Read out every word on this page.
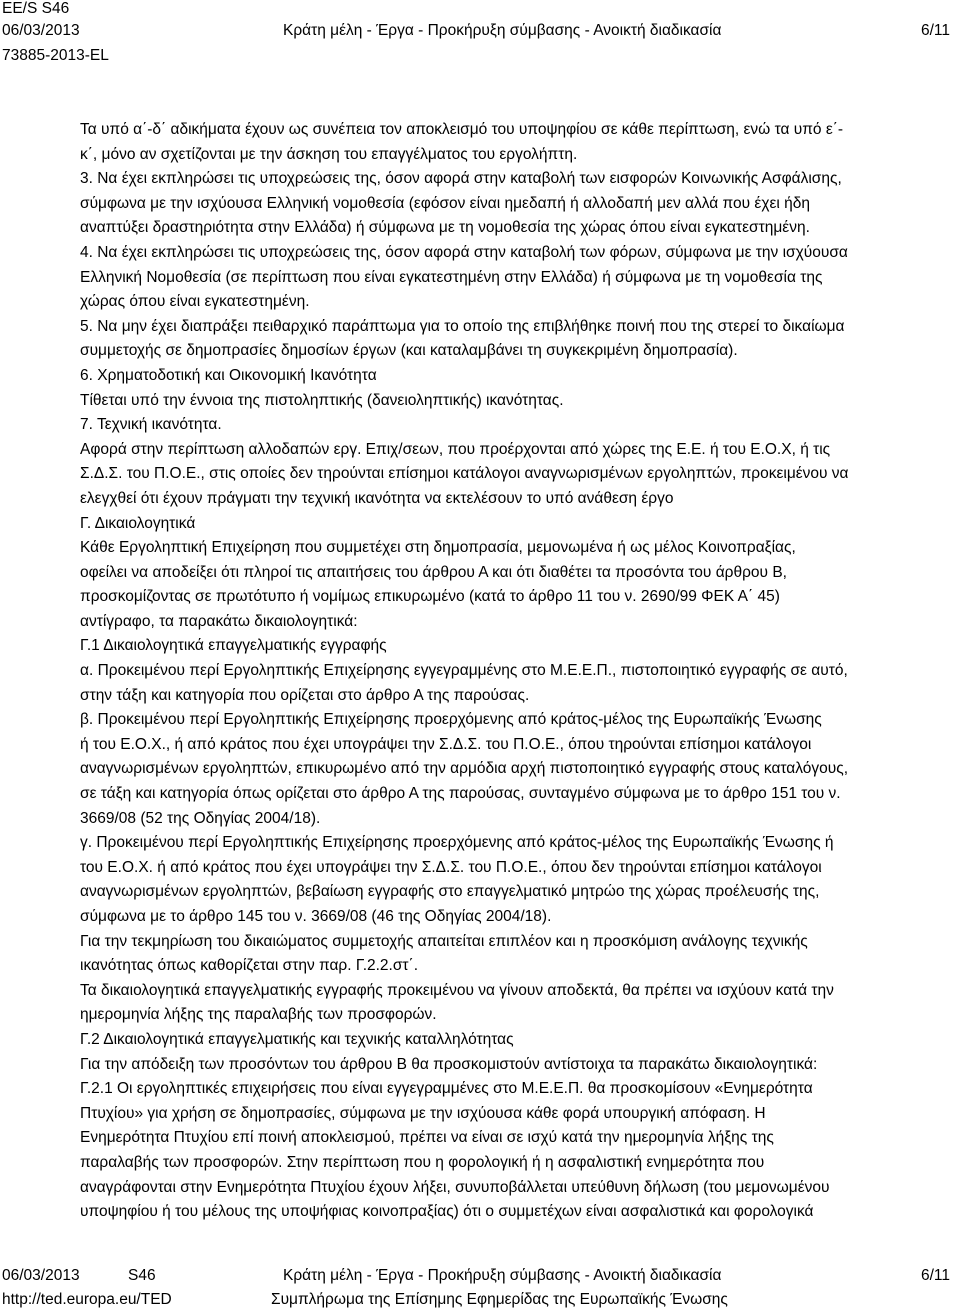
EE/S S46
06/03/2013
73885-2013-EL
Κράτη μέλη - Έργα - Προκήρυξη σύμβασης - Ανοικτή διαδικασία	6/11

Τα υπό α΄-δ΄ αδικήματα έχουν ως συνέπεια τον αποκλεισμό του υποψηφίου σε κάθε περίπτωση, ενώ τα υπό ε΄-

κ΄, μόνο αν σχετίζονται με την άσκηση του επαγγέλματος του εργολήπτη.

3. Να έχει εκπληρώσει τις υποχρεώσεις της, όσον αφορά στην καταβολή των εισφορών Κοινωνικής Ασφάλισης,

σύμφωνα με την ισχύουσα Ελληνική νομοθεσία (εφόσον είναι ημεδαπή ή αλλοδαπή μεν αλλά που έχει ήδη

αναπτύξει δραστηριότητα στην Ελλάδα) ή σύμφωνα με τη νομοθεσία της χώρας όπου είναι εγκατεστημένη.

4. Να έχει εκπληρώσει τις υποχρεώσεις της, όσον αφορά στην καταβολή των φόρων, σύμφωνα με την ισχύουσα

Ελληνική Νομοθεσία (σε περίπτωση που είναι εγκατεστημένη στην Ελλάδα) ή σύμφωνα με τη νομοθεσία της

χώρας όπου είναι εγκατεστημένη.

5. Να μην έχει διαπράξει πειθαρχικό παράπτωμα για το οποίο της επιβλήθηκε ποινή που της στερεί το δικαίωμα

συμμετοχής σε δημοπρασίες δημοσίων έργων (και καταλαμβάνει τη συγκεκριμένη δημοπρασία).

6. Χρηματοδοτική και Οικονομική Ικανότητα

Τίθεται υπό την έννοια της πιστοληπτικής (δανειοληπτικής) ικανότητας.

7. Τεχνική ικανότητα.

Αφορά στην περίπτωση αλλοδαπών εργ. Επιχ/σεων, που προέρχονται από χώρες της Ε.Ε. ή του Ε.Ο.Χ, ή τις

Σ.Δ.Σ. του Π.Ο.Ε., στις οποίες δεν τηρούνται επίσημοι κατάλογοι αναγνωρισμένων εργοληπτών, προκειμένου να

ελεγχθεί ότι έχουν πράγματι την τεχνική ικανότητα να εκτελέσουν το υπό ανάθεση έργο

Γ. Δικαιολογητικά

Κάθε Εργοληπτική Επιχείρηση που συμμετέχει στη δημοπρασία, μεμονωμένα ή ως μέλος Κοινοπραξίας,

οφείλει να αποδείξει ότι πληροί τις απαιτήσεις του άρθρου Α και ότι διαθέτει τα προσόντα του άρθρου Β,

προσκομίζοντας σε πρωτότυπο ή νομίμως επικυρωμένο (κατά το άρθρο 11 του ν. 2690/99 ΦΕΚ Α΄ 45)

αντίγραφο, τα παρακάτω δικαιολογητικά:

Γ.1 Δικαιολογητικά επαγγελματικής εγγραφής

α. Προκειμένου περί Εργοληπτικής Επιχείρησης εγγεγραμμένης στο Μ.Ε.Ε.Π., πιστοποιητικό εγγραφής σε αυτό,

στην τάξη και κατηγορία που ορίζεται στο άρθρο Α της παρούσας.

β. Προκειμένου περί Εργοληπτικής Επιχείρησης προερχόμενης από κράτος-μέλος της Ευρωπαϊκής Ένωσης

ή του Ε.Ο.Χ., ή από κράτος που έχει υπογράψει την Σ.Δ.Σ. του Π.Ο.Ε., όπου τηρούνται επίσημοι κατάλογοι

αναγνωρισμένων εργοληπτών, επικυρωμένο από την αρμόδια αρχή πιστοποιητικό εγγραφής στους καταλόγους,

σε τάξη και κατηγορία όπως ορίζεται στο άρθρο Α της παρούσας, συνταγμένο σύμφωνα με το άρθρο 151 του ν.

3669/08 (52 της Οδηγίας 2004/18).

γ. Προκειμένου περί Εργοληπτικής Επιχείρησης προερχόμενης από κράτος-μέλος της Ευρωπαϊκής Ένωσης ή

του Ε.Ο.Χ. ή από κράτος που έχει υπογράψει την Σ.Δ.Σ. του Π.Ο.Ε., όπου δεν τηρούνται επίσημοι κατάλογοι

αναγνωρισμένων εργοληπτών, βεβαίωση εγγραφής στο επαγγελματικό μητρώο της χώρας προέλευσής της,

σύμφωνα με το άρθρο 145 του ν. 3669/08 (46 της Οδηγίας 2004/18).

Για την τεκμηρίωση του δικαιώματος συμμετοχής απαιτείται επιπλέον και η προσκόμιση ανάλογης τεχνικής

ικανότητας όπως καθορίζεται στην παρ. Γ.2.2.στ΄.

Τα δικαιολογητικά επαγγελματικής εγγραφής προκειμένου να γίνουν αποδεκτά, θα πρέπει να ισχύουν κατά την

ημερομηνία λήξης της παραλαβής των προσφορών.

Γ.2 Δικαιολογητικά επαγγελματικής και τεχνικής καταλληλότητας

Για την απόδειξη των προσόντων του άρθρου Β θα προσκομιστούν αντίστοιχα τα παρακάτω δικαιολογητικά:

Γ.2.1 Οι εργοληπτικές επιχειρήσεις που είναι εγγεγραμμένες στο Μ.Ε.Ε.Π. θα προσκομίσουν «Ενημερότητα

Πτυχίου» για χρήση σε δημοπρασίες, σύμφωνα με την ισχύουσα κάθε φορά υπουργική απόφαση. Η

Ενημερότητα Πτυχίου επί ποινή αποκλεισμού, πρέπει να είναι σε ισχύ κατά την ημερομηνία λήξης της

παραλαβής των προσφορών. Στην περίπτωση που η φορολογική ή η ασφαλιστική ενημερότητα που

αναγράφονται στην Ενημερότητα Πτυχίου έχουν λήξει, συνυποβάλλεται υπεύθυνη δήλωση (του μεμονωμένου

υποψηφίου ή του μέλους της υποψήφιας κοινοπραξίας) ότι ο συμμετέχων είναι ασφαλιστικά και φορολογικά

06/03/2013	S46
http://ted.europa.eu/TED
Κράτη μέλη - Έργα - Προκήρυξη σύμβασης - Ανοικτή διαδικασία
Συμπλήρωμα της Επίσημης Εφημερίδας της Ευρωπαϊκής Ένωσης
6/11
